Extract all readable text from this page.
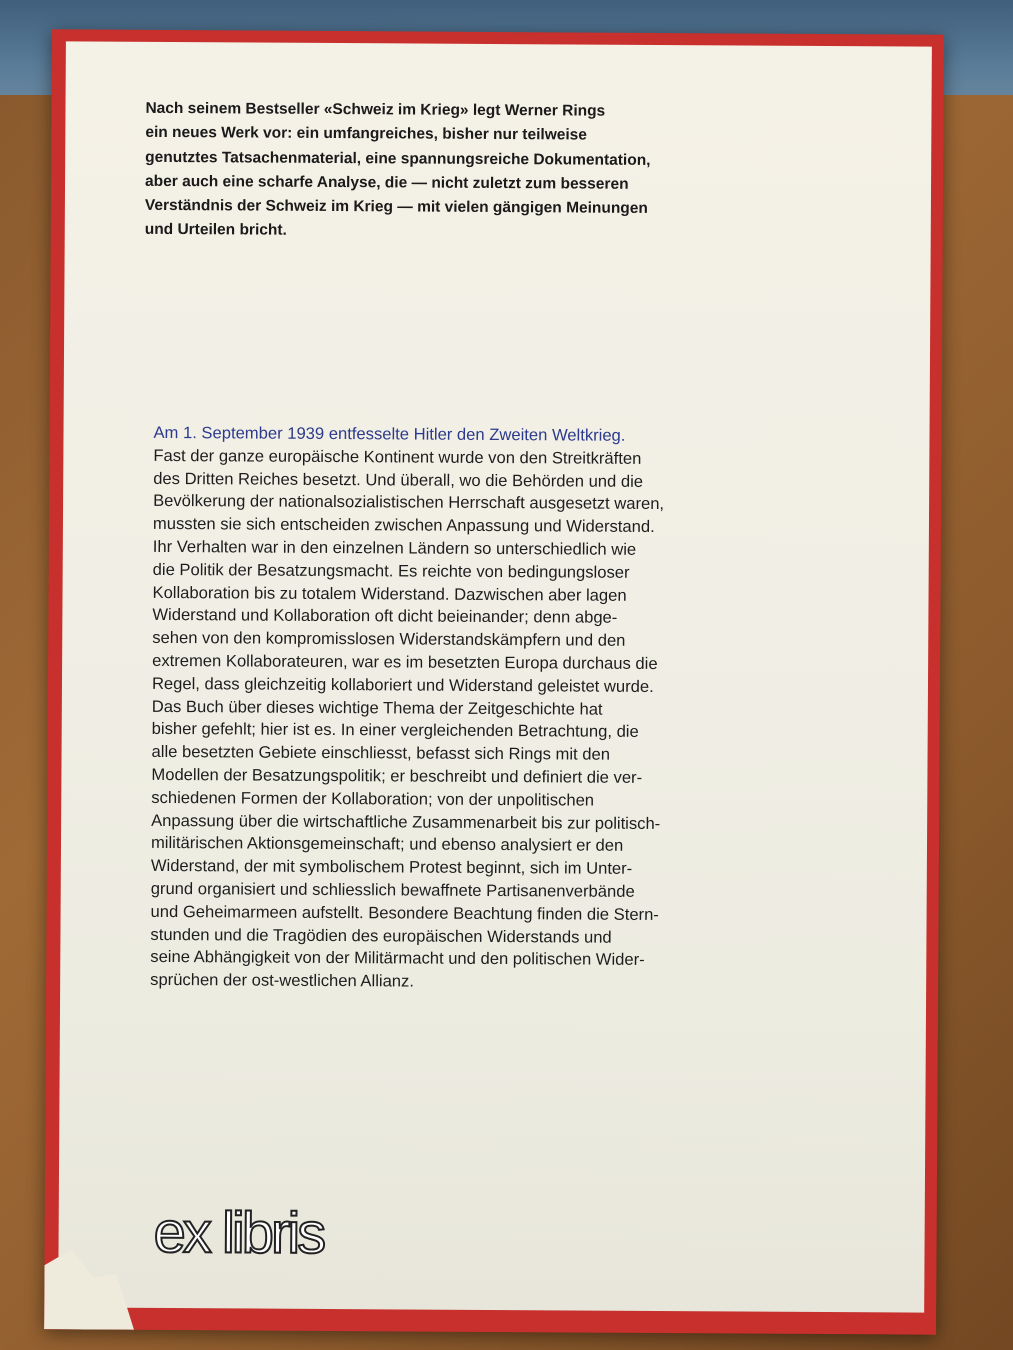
Nach seinem Bestseller «Schweiz im Krieg» legt Werner Rings
ein neues Werk vor: ein umfangreiches, bisher nur teilweise
genutztes Tatsachenmaterial, eine spannungsreiche Dokumentation,
aber auch eine scharfe Analyse, die — nicht zuletzt zum besseren
Verständnis der Schweiz im Krieg — mit vielen gängigen Meinungen
und Urteilen bricht.

Am 1. September 1939 entfesselte Hitler den Zweiten Weltkrieg.
Fast der ganze europäische Kontinent wurde von den Streitkräften
des Dritten Reiches besetzt. Und überall, wo die Behörden und die
Bevölkerung der nationalsozialistischen Herrschaft ausgesetzt waren,
mussten sie sich entscheiden zwischen Anpassung und Widerstand.
Ihr Verhalten war in den einzelnen Ländern so unterschiedlich wie
die Politik der Besatzungsmacht. Es reichte von bedingungsloser
Kollaboration bis zu totalem Widerstand. Dazwischen aber lagen
Widerstand und Kollaboration oft dicht beieinander; denn abge-
sehen von den kompromisslosen Widerstandskämpfern und den
extremen Kollaborateuren, war es im besetzten Europa durchaus die
Regel, dass gleichzeitig kollaboriert und Widerstand geleistet wurde.
Das Buch über dieses wichtige Thema der Zeitgeschichte hat
bisher gefehlt; hier ist es. In einer vergleichenden Betrachtung, die
alle besetzten Gebiete einschliesst, befasst sich Rings mit den
Modellen der Besatzungspolitik; er beschreibt und definiert die ver-
schiedenen Formen der Kollaboration; von der unpolitischen
Anpassung über die wirtschaftliche Zusammenarbeit bis zur politisch-
militärischen Aktionsgemeinschaft; und ebenso analysiert er den
Widerstand, der mit symbolischem Protest beginnt, sich im Unter-
grund organisiert und schliesslich bewaffnete Partisanenverbände
und Geheimarmeen aufstellt. Besondere Beachtung finden die Stern-
stunden und die Tragödien des europäischen Widerstands und
seine Abhängigkeit von der Militärmacht und den politischen Wider-
sprüchen der ost-westlichen Allianz.

ex libris
